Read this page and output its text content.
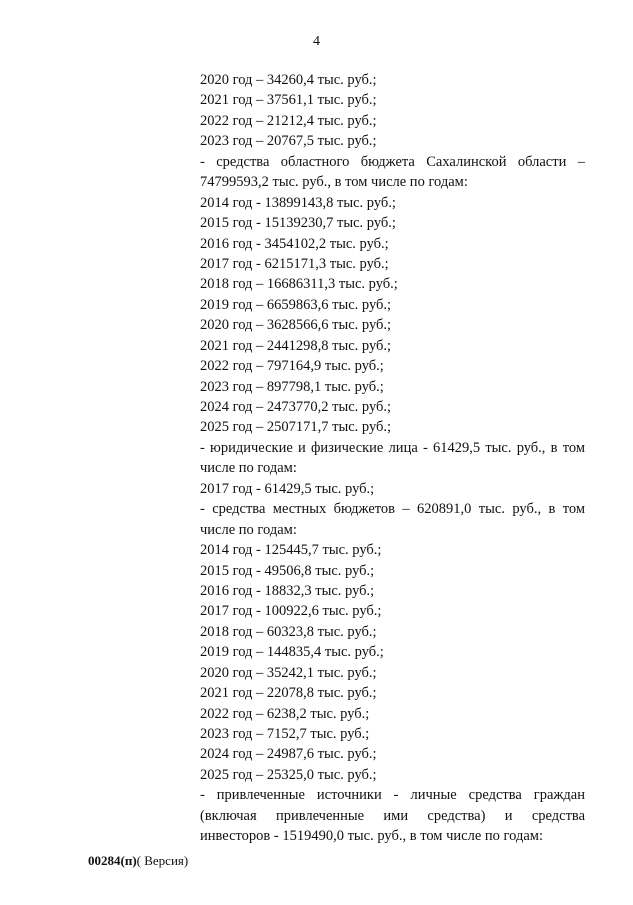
4
2020 год – 34260,4 тыс. руб.;
2021 год – 37561,1 тыс. руб.;
2022 год – 21212,4 тыс. руб.;
2023 год – 20767,5 тыс. руб.;
- средства областного бюджета Сахалинской области –
74799593,2 тыс. руб., в том числе по годам:
2014 год - 13899143,8 тыс. руб.;
2015 год - 15139230,7 тыс. руб.;
2016 год - 3454102,2 тыс. руб.;
2017 год - 6215171,3 тыс. руб.;
2018 год – 16686311,3 тыс. руб.;
2019 год – 6659863,6 тыс. руб.;
2020 год – 3628566,6 тыс. руб.;
2021 год – 2441298,8 тыс. руб.;
2022 год – 797164,9 тыс. руб.;
2023 год – 897798,1 тыс. руб.;
2024 год – 2473770,2 тыс. руб.;
2025 год – 2507171,7 тыс. руб.;
- юридические и физические лица - 61429,5 тыс. руб., в том
числе по годам:
2017 год - 61429,5 тыс. руб.;
- средства местных бюджетов – 620891,0 тыс. руб., в том
числе по годам:
2014 год - 125445,7 тыс. руб.;
2015 год - 49506,8 тыс. руб.;
2016 год - 18832,3 тыс. руб.;
2017 год - 100922,6 тыс. руб.;
2018 год – 60323,8 тыс. руб.;
2019 год – 144835,4 тыс. руб.;
2020 год – 35242,1 тыс. руб.;
2021 год – 22078,8 тыс. руб.;
2022 год – 6238,2 тыс. руб.;
2023 год – 7152,7 тыс. руб.;
2024 год – 24987,6 тыс. руб.;
2025 год – 25325,0 тыс. руб.;
- привлеченные источники - личные средства граждан
(включая привлеченные ими средства) и средства
инвесторов - 1519490,0 тыс. руб., в том числе по годам:
00284(п)( Версия)
